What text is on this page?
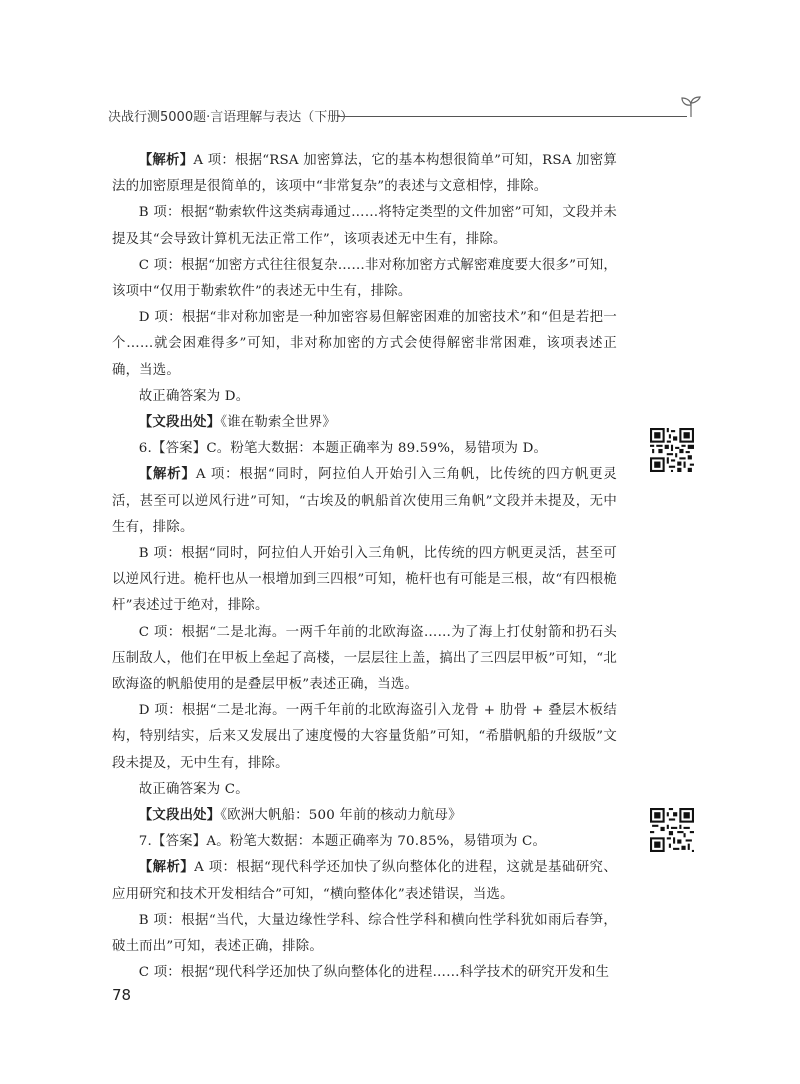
决战行测5000题·言语理解与表达（下册）

【解析】A 项：根据“RSA 加密算法，它的基本构想很简单”可知，RSA 加密算法的加密原理是很简单的，该项中“非常复杂”的表述与文意相悖，排除。

B 项：根据“勒索软件这类病毒通过……将特定类型的文件加密”可知，文段并未提及其“会导致计算机无法正常工作”，该项表述无中生有，排除。

C 项：根据“加密方式往往很复杂……非对称加密方式解密难度要大很多”可知，该项中“仅用于勒索软件”的表述无中生有，排除。

D 项：根据“非对称加密是一种加密容易但解密困难的加密技术”和“但是若把一个……就会困难得多”可知，非对称加密的方式会使得解密非常困难，该项表述正确，当选。

故正确答案为 D。

【文段出处】《谁在勒索全世界》

6.【答案】C。粉笔大数据：本题正确率为 89.59%，易错项为 D。

【解析】A 项：根据“同时，阿拉伯人开始引入三角帆，比传统的四方帆更灵活，甚至可以逆风行进”可知，“古埃及的帆船首次使用三角帆”文段并未提及，无中生有，排除。

B 项：根据“同时，阿拉伯人开始引入三角帆，比传统的四方帆更灵活，甚至可以逆风行进。桅杆也从一根增加到三四根”可知，桅杆也有可能是三根，故“有四根桅杆”表述过于绝对，排除。

C 项：根据“二是北海。一两千年前的北欧海盗……为了海上打仗射箭和扔石头压制敌人，他们在甲板上垒起了高楼，一层层往上盖，搞出了三四层甲板”可知，“北欧海盗的帆船使用的是叠层甲板”表述正确，当选。

D 项：根据“二是北海。一两千年前的北欧海盗引入龙骨 + 肋骨 + 叠层木板结构，特别结实，后来又发展出了速度慢的大容量货船”可知，“希腊帆船的升级版”文段未提及，无中生有，排除。

故正确答案为 C。

【文段出处】《欧洲大帆船：500 年前的核动力航母》

7.【答案】A。粉笔大数据：本题正确率为 70.85%，易错项为 C。

【解析】A 项：根据“现代科学还加快了纵向整体化的进程，这就是基础研究、应用研究和技术开发相结合”可知，“横向整体化”表述错误，当选。

B 项：根据“当代，大量边缘性学科、综合性学科和横向性学科犹如雨后春笋，破土而出”可知，表述正确，排除。

C 项：根据“现代科学还加快了纵向整体化的进程……科学技术的研究开发和生

78
